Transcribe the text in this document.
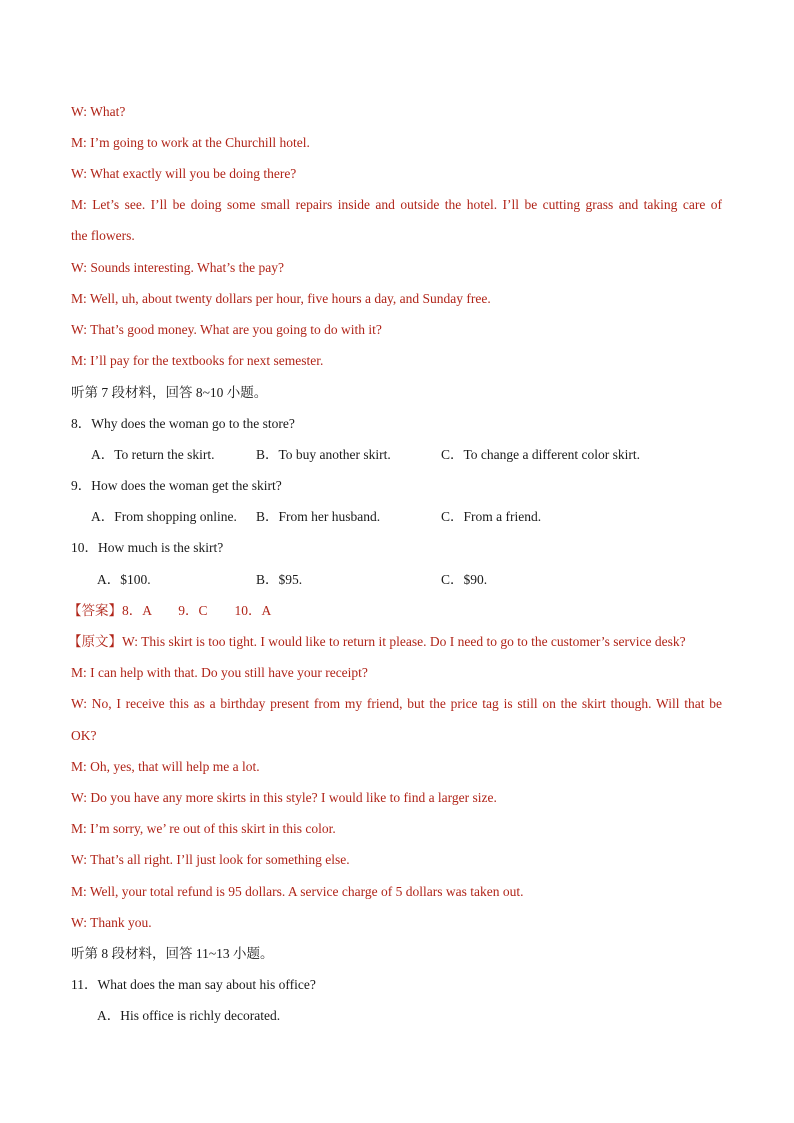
W: What?
M: I’m going to work at the Churchill hotel.
W: What exactly will you be doing there?
M: Let’s see. I’ll be doing some small repairs inside and outside the hotel. I’ll be cutting grass and taking care of
the flowers.
W: Sounds interesting. What’s the pay?
M: Well, uh, about twenty dollars per hour, five hours a day, and Sunday free.
W: That’s good money. What are you going to do with it?
M: I’ll pay for the textbooks for next semester.
听第 7 段材料，回答 8~10 小题。
8．Why does the woman go to the store?
A．To return the skirt.	B．To buy another skirt.	C．To change a different color skirt.
9．How does the woman get the skirt?
A．From shopping online. B．From her husband.	C．From a friend.
10．How much is the skirt?
A．$100.	B．$95.	C．$90.
【答案】8．A　　9．C　　10．A
【原文】W: This skirt is too tight. I would like to return it please. Do I need to go to the customer’s service desk?
M: I can help with that. Do you still have your receipt?
W: No, I receive this as a birthday present from my friend, but the price tag is still on the skirt though. Will that be
OK?
M: Oh, yes, that will help me a lot.
W: Do you have any more skirts in this style? I would like to find a larger size.
M: I’m sorry, we’ re out of this skirt in this color.
W: That’s all right. I’ll just look for something else.
M: Well, your total refund is 95 dollars. A service charge of 5 dollars was taken out.
W: Thank you.
听第 8 段材料，回答 11~13 小题。
11．What does the man say about his office?
A．His office is richly decorated.
